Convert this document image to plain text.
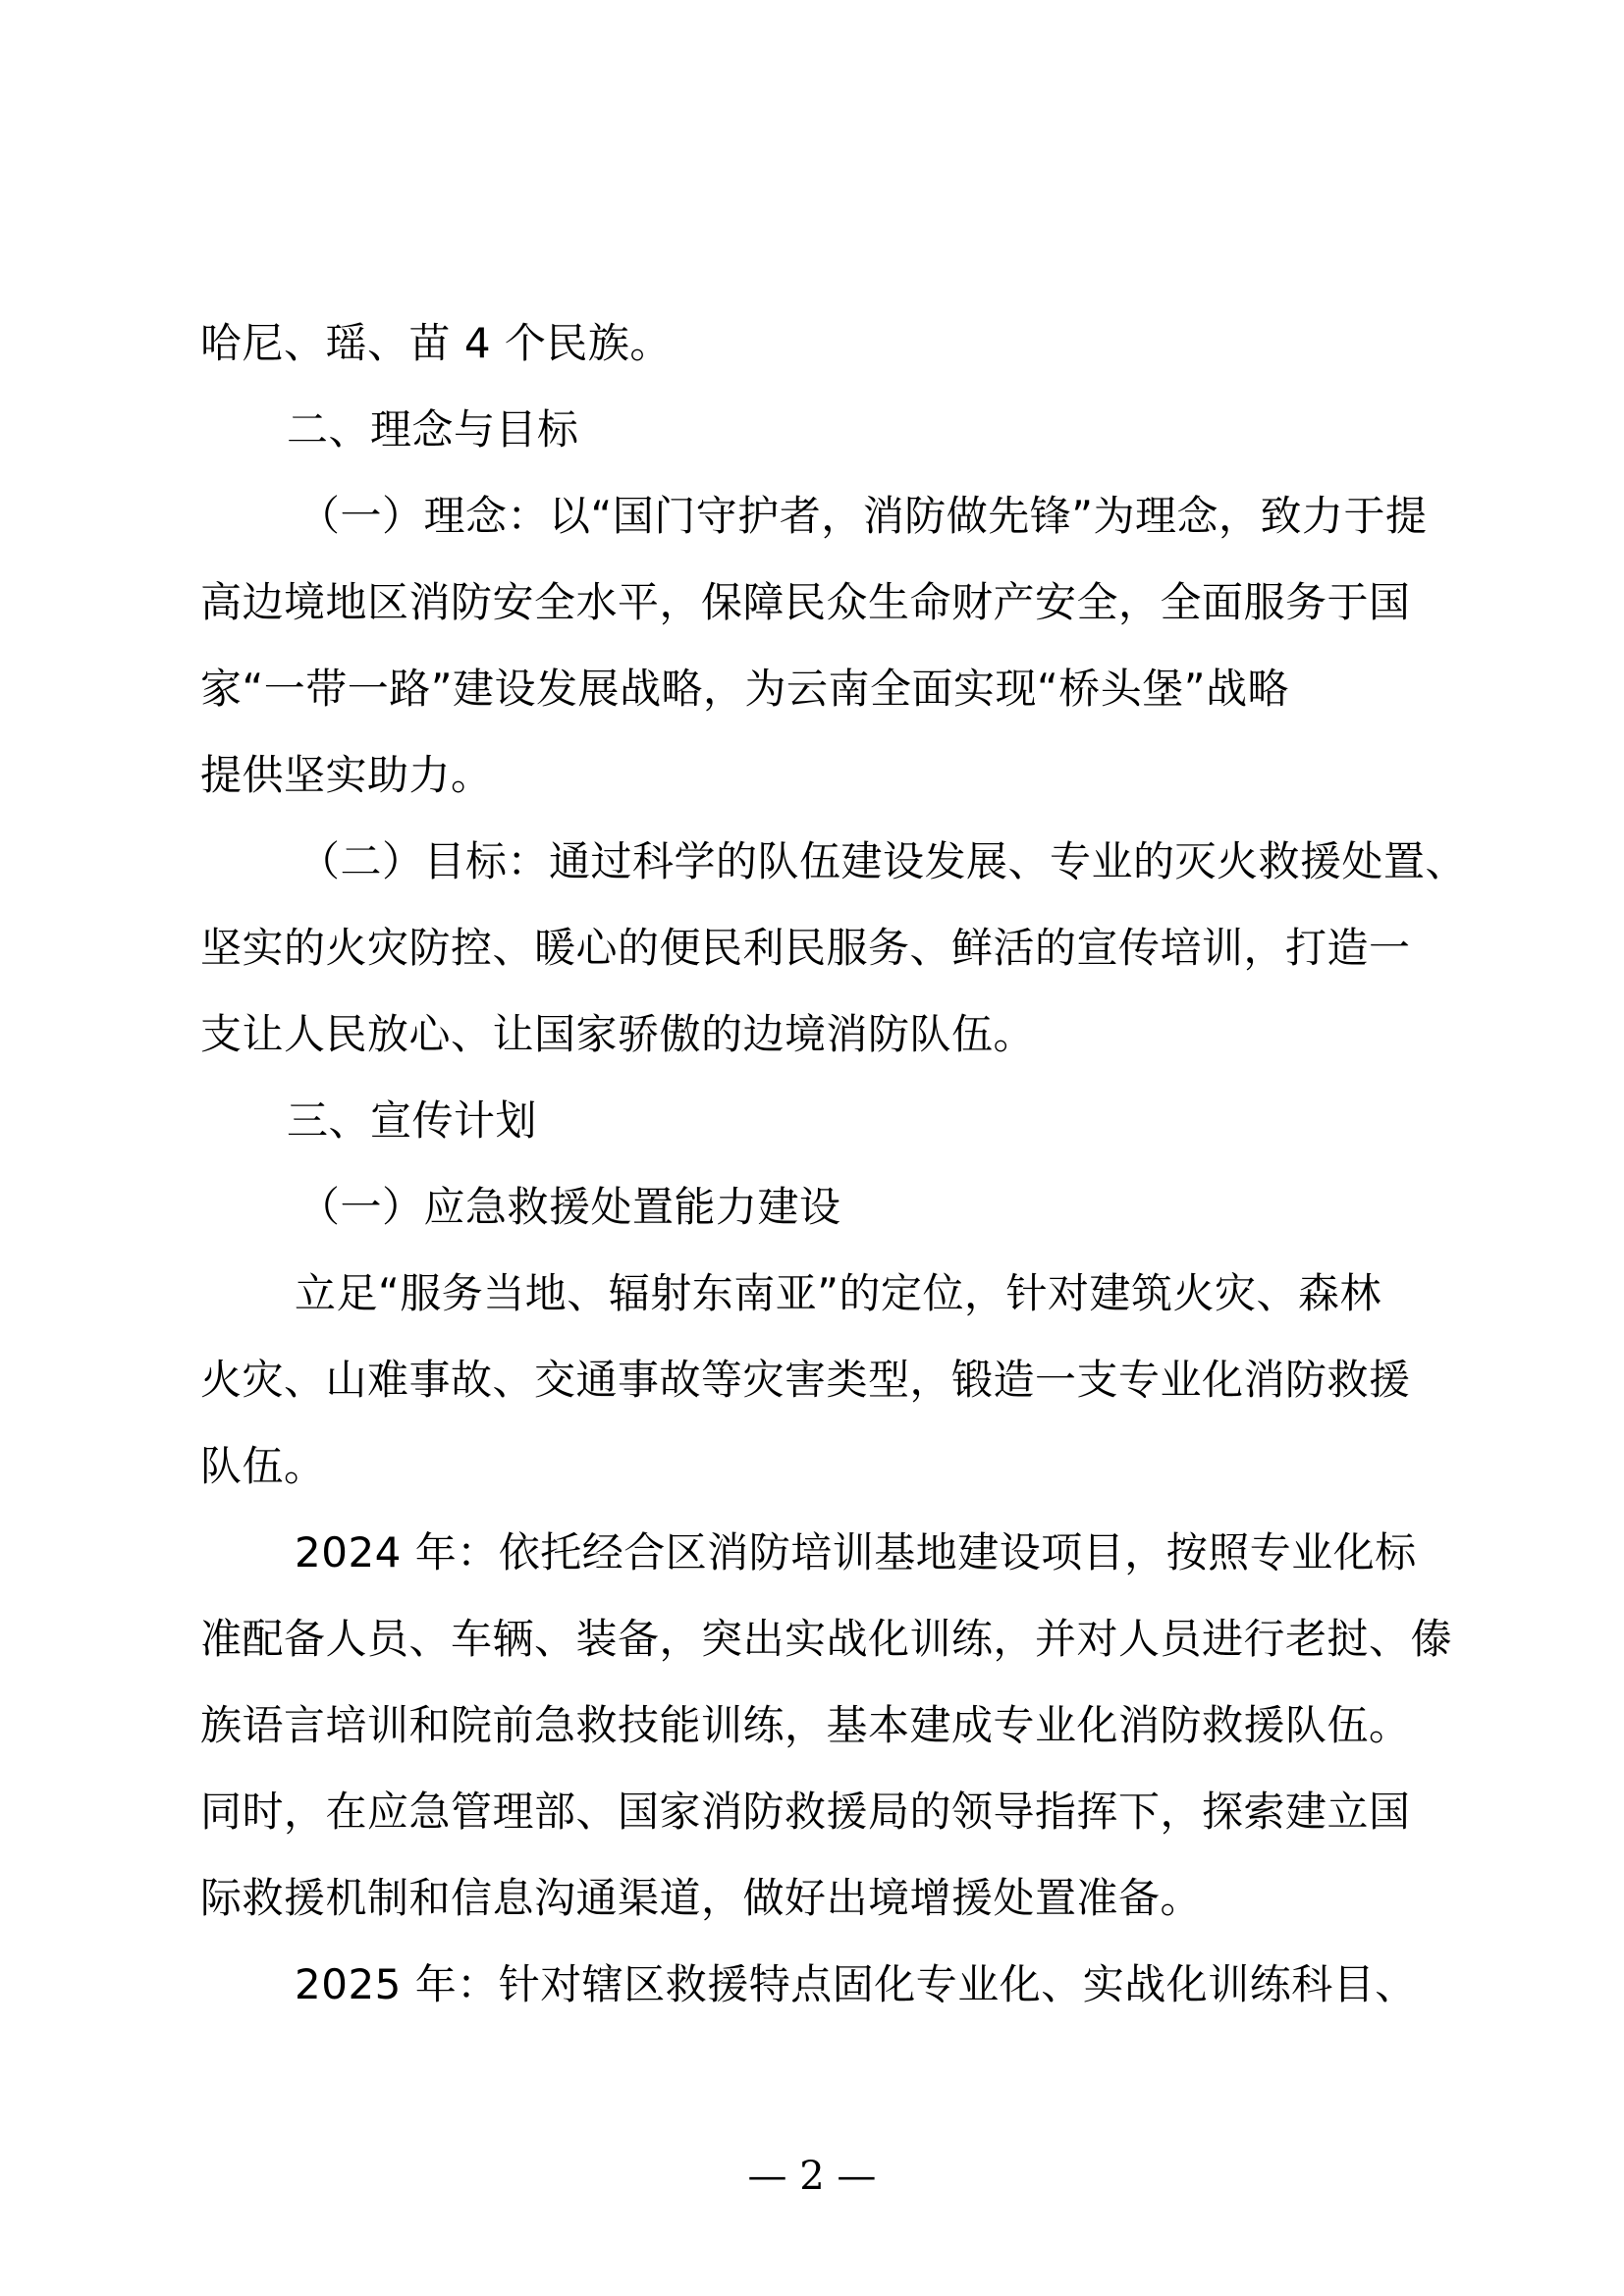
哈尼、瑶、苗 4 个民族。
二、理念与目标
（一）理念：以“国门守护者，消防做先锋”为理念，致力于提
高边境地区消防安全水平，保障民众生命财产安全，全面服务于国
家“一带一路”建设发展战略，为云南全面实现“桥头堡”战略
提供坚实助力。
（二）目标：通过科学的队伍建设发展、专业的灭火救援处置、
坚实的火灾防控、暖心的便民利民服务、鲜活的宣传培训，打造一
支让人民放心、让国家骄傲的边境消防队伍。
三、宣传计划
（一）应急救援处置能力建设
立足“服务当地、辐射东南亚”的定位，针对建筑火灾、森林
火灾、山难事故、交通事故等灾害类型，锻造一支专业化消防救援
队伍。
2024 年：依托经合区消防培训基地建设项目，按照专业化标
准配备人员、车辆、装备，突出实战化训练，并对人员进行老挝、傣
族语言培训和院前急救技能训练，基本建成专业化消防救援队伍。
同时，在应急管理部、国家消防救援局的领导指挥下，探索建立国
际救援机制和信息沟通渠道，做好出境增援处置准备。
2025 年：针对辖区救援特点固化专业化、实战化训练科目、
— 2 —
